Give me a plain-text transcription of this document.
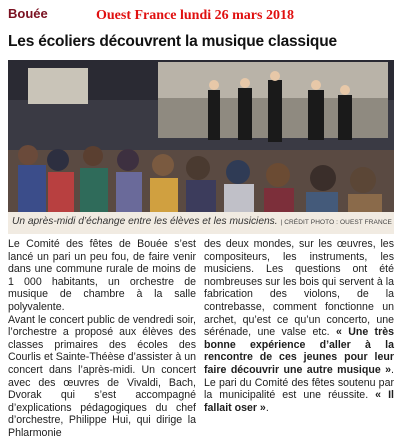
Bouée	Ouest France lundi 26 mars 2018
Les écoliers découvrent la musique classique
Un après-midi d’échange entre les élèves et les musiciens. | CRÉDIT PHOTO : OUEST FRANCE

Le Comité des fêtes de Bouée s’est lancé un pari un peu fou, de faire venir dans une commune rurale de moins de 1 000 habitants, un orchestre de musique de chambre à la salle polyvalente.

Avant le concert public de vendredi soir, l’orchestre a proposé aux élèves des classes primaires des écoles des Courlis et Sainte-Théèse d’assister à un concert dans l’après-midi. Un concert avec des œuvres de Vivaldi, Bach, Dvorak qui s’est accompagné d’explications pédagogiques du chef d’orchestre, Philippe Hui, qui dirige la Phlarmonie

des deux mondes, sur les œuvres, les compositeurs, les instruments, les musiciens. Les questions ont été nombreuses sur les bois qui servent à la fabrication des violons, de la contrebasse, comment fonctionne un archet, qu’est ce qu’un concerto, une sérénade, une valse etc. « Une très bonne expérience d’aller à la rencontre de ces jeunes pour leur faire découvrir une autre musique ». Le pari du Comité des fêtes soutenu par la municipalité est une réussite. « Il fallait oser ».
